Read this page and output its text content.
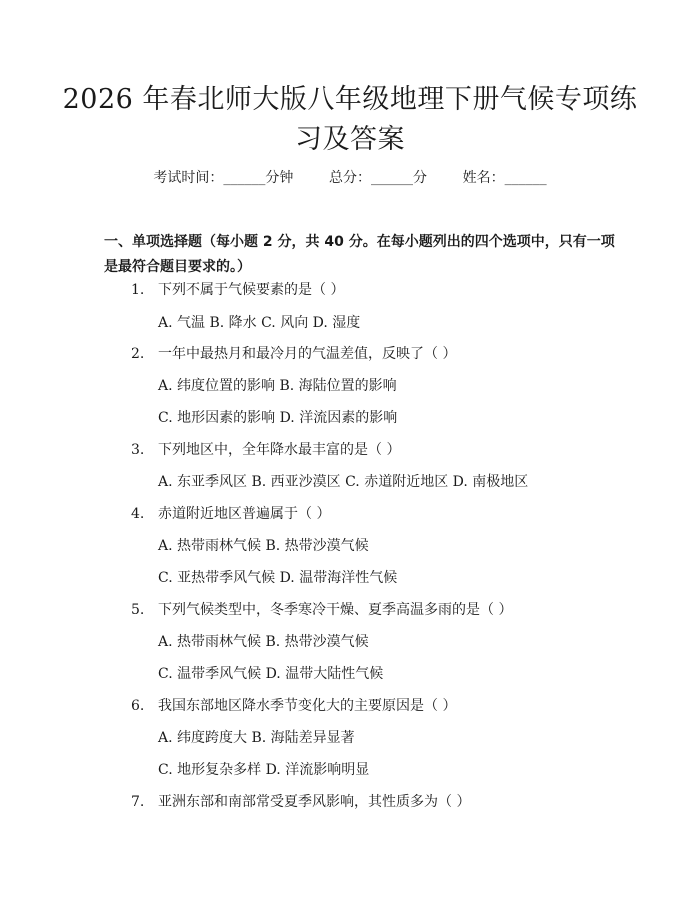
2026 年春北师大版八年级地理下册气候专项练习及答案
考试时间：______分钟	总分：______分	姓名：______
一、单项选择题（每小题 2 分，共 40 分。在每小题列出的四个选项中，只有一项是最符合题目要求的。）
1. 下列不属于气候要素的是（ ）
A. 气温 B. 降水 C. 风向 D. 湿度
2. 一年中最热月和最冷月的气温差值，反映了（ ）
A. 纬度位置的影响 B. 海陆位置的影响
C. 地形因素的影响 D. 洋流因素的影响
3. 下列地区中，全年降水最丰富的是（ ）
A. 东亚季风区 B. 西亚沙漠区 C. 赤道附近地区 D. 南极地区
4. 赤道附近地区普遍属于（ ）
A. 热带雨林气候 B. 热带沙漠气候
C. 亚热带季风气候 D. 温带海洋性气候
5. 下列气候类型中，冬季寒冷干燥、夏季高温多雨的是（ ）
A. 热带雨林气候 B. 热带沙漠气候
C. 温带季风气候 D. 温带大陆性气候
6. 我国东部地区降水季节变化大的主要原因是（ ）
A. 纬度跨度大 B. 海陆差异显著
C. 地形复杂多样 D. 洋流影响明显
7. 亚洲东部和南部常受夏季风影响，其性质多为（ ）
